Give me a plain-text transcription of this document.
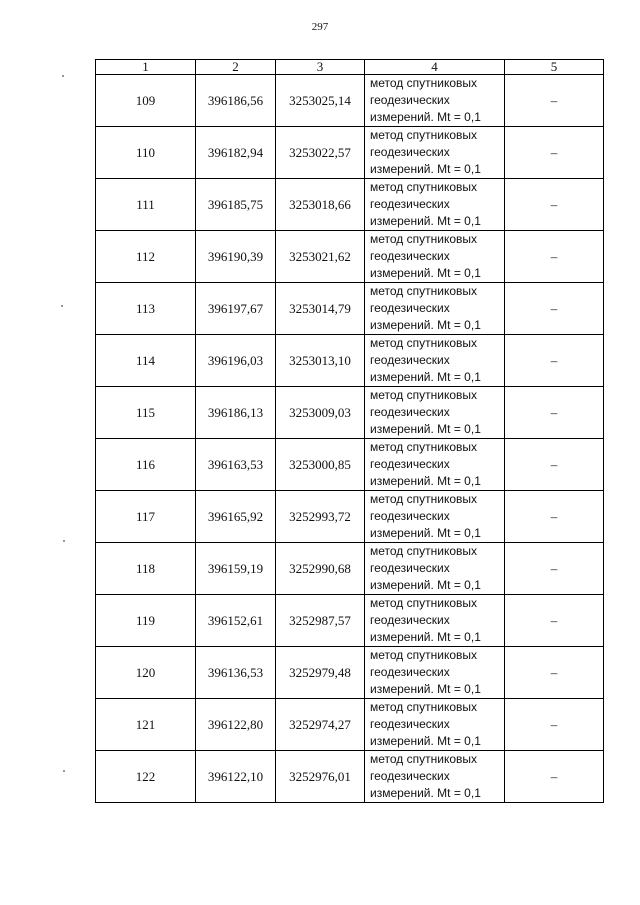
297
1	2	3	4	5
109	396186,56	3253025,14	метод спутниковых
геодезических
измерений. Mt = 0,1	–
110	396182,94	3253022,57	метод спутниковых
геодезических
измерений. Mt = 0,1	–
111	396185,75	3253018,66	метод спутниковых
геодезических
измерений. Mt = 0,1	–
112	396190,39	3253021,62	метод спутниковых
геодезических
измерений. Mt = 0,1	–
113	396197,67	3253014,79	метод спутниковых
геодезических
измерений. Mt = 0,1	–
114	396196,03	3253013,10	метод спутниковых
геодезических
измерений. Mt = 0,1	–
115	396186,13	3253009,03	метод спутниковых
геодезических
измерений. Mt = 0,1	–
116	396163,53	3253000,85	метод спутниковых
геодезических
измерений. Mt = 0,1	–
117	396165,92	3252993,72	метод спутниковых
геодезических
измерений. Mt = 0,1	–
118	396159,19	3252990,68	метод спутниковых
геодезических
измерений. Mt = 0,1	–
119	396152,61	3252987,57	метод спутниковых
геодезических
измерений. Mt = 0,1	–
120	396136,53	3252979,48	метод спутниковых
геодезических
измерений. Mt = 0,1	–
121	396122,80	3252974,27	метод спутниковых
геодезических
измерений. Mt = 0,1	–
122	396122,10	3252976,01	метод спутниковых
геодезических
измерений. Mt = 0,1	–
